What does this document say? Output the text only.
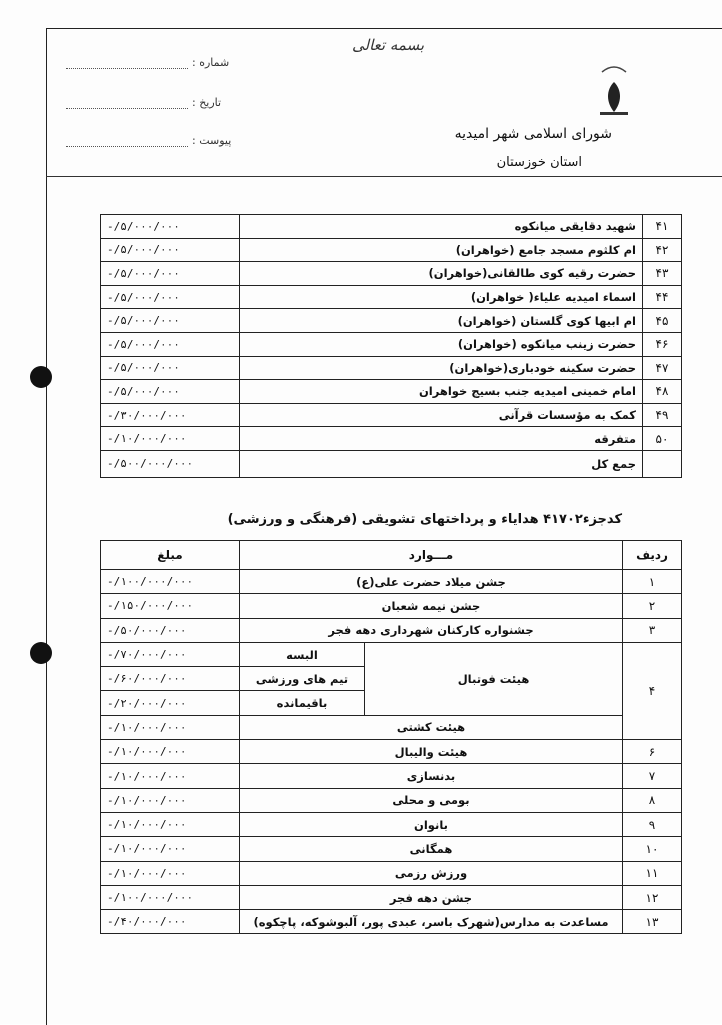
بسمه تعالی
شماره :
تاریخ :
پیوست :	شورای اسلامی شهر امیدیه
استان خوزستان
۴۱	شهید دقایقی میانکوه	-/۵/۰۰۰/۰۰۰
۴۲	ام کلثوم مسجد جامع (خواهران)	-/۵/۰۰۰/۰۰۰
۴۳	حضرت رقیه کوی طالقانی(خواهران)	-/۵/۰۰۰/۰۰۰
۴۴	اسماء امیدیه علیاء( خواهران)	-/۵/۰۰۰/۰۰۰
۴۵	ام ابیها کوی گلستان (خواهران)	-/۵/۰۰۰/۰۰۰
۴۶	حضرت زینب میانکوه (خواهران)	-/۵/۰۰۰/۰۰۰
۴۷	حضرت سکینه خودباری(خواهران)	-/۵/۰۰۰/۰۰۰
۴۸	امام خمینی امیدیه جنب بسیج خواهران	-/۵/۰۰۰/۰۰۰
۴۹	کمک به مؤسسات قرآنی	-/۳۰/۰۰۰/۰۰۰
۵۰	متفرقه	-/۱۰/۰۰۰/۰۰۰
	جمع کل	-/۵۰۰/۰۰۰/۰۰۰
کدجزء۴۱۷۰۲ هدایاء و پرداختهای تشویقی (فرهنگی و ورزشی)
ردیف	مـــوارد		مبلغ
۱	جشن میلاد حضرت علی(ع)		-/۱۰۰/۰۰۰/۰۰۰
۲	جشن نیمه شعبان		-/۱۵۰/۰۰۰/۰۰۰
۳	جشنواره کارکنان شهرداری دهه فجر		-/۵۰/۰۰۰/۰۰۰
۴	هیئت فوتبال	البسه	-/۷۰/۰۰۰/۰۰۰
		تیم های ورزشی	-/۶۰/۰۰۰/۰۰۰
		باقیمانده	-/۲۰/۰۰۰/۰۰۰
	هیئت کشتی		-/۱۰/۰۰۰/۰۰۰
۶	هیئت والیبال		-/۱۰/۰۰۰/۰۰۰
۷	بدنسازی		-/۱۰/۰۰۰/۰۰۰
۸	بومی و محلی		-/۱۰/۰۰۰/۰۰۰
۹	بانوان		-/۱۰/۰۰۰/۰۰۰
۱۰	همگانی		-/۱۰/۰۰۰/۰۰۰
۱۱	ورزش رزمی		-/۱۰/۰۰۰/۰۰۰
۱۲	جشن دهه فجر		-/۱۰۰/۰۰۰/۰۰۰
۱۳	مساعدت به مدارس(شهرک باسر، عبدی پور، آلبوشوکه، پاچکوه)		-/۴۰/۰۰۰/۰۰۰
